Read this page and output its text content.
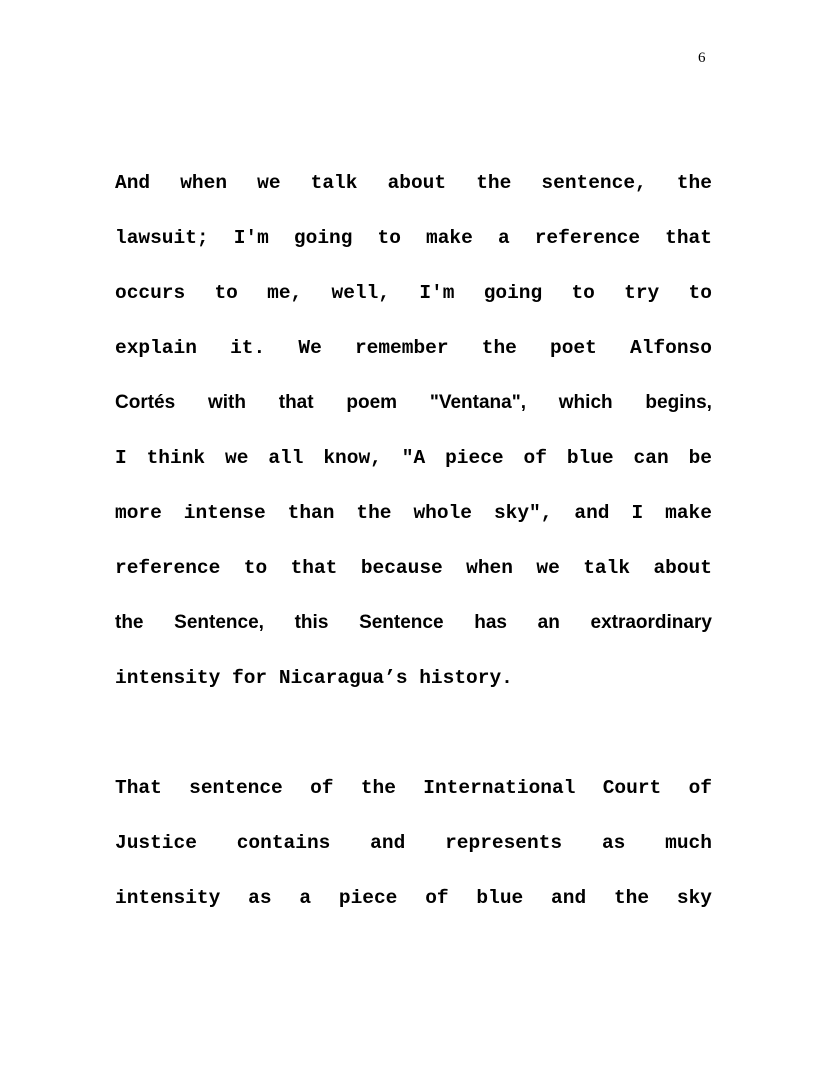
6
And when we talk about the sentence, the
lawsuit; I'm going to make a reference that
occurs to me, well, I'm going to try to
explain it. We remember the poet Alfonso
Cortés with that poem "Ventana", which begins,
I think we all know, "A piece of blue can be
more intense than the whole sky", and I make
reference to that because when we talk about
the Sentence, this Sentence has an extraordinary
intensity for Nicaragua’s history.
That sentence of the International Court of
Justice contains and represents as much
intensity as a piece of blue and the sky
